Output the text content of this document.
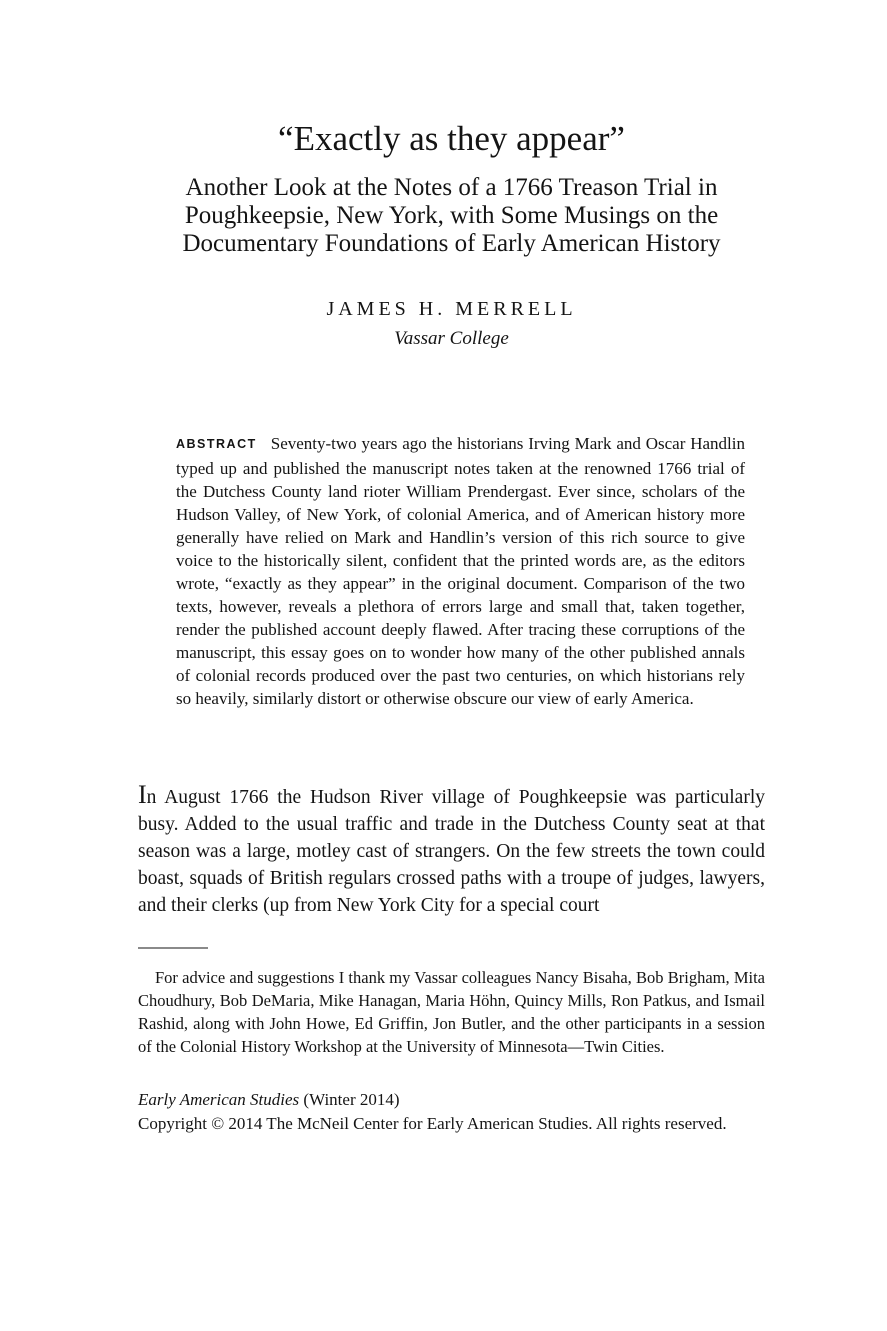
“Exactly as they appear”
Another Look at the Notes of a 1766 Treason Trial in
Poughkeepsie, New York, with Some Musings on the
Documentary Foundations of Early American History
JAMES H. MERRELL
Vassar College

ABSTRACT Seventy-two years ago the historians Irving Mark and Oscar Handlin typed up and published the manuscript notes taken at the renowned 1766 trial of the Dutchess County land rioter William Prendergast. Ever since, scholars of the Hudson Valley, of New York, of colonial America, and of American history more generally have relied on Mark and Handlin’s version of this rich source to give voice to the historically silent, confident that the printed words are, as the editors wrote, “exactly as they appear” in the original document. Comparison of the two texts, however, reveals a plethora of errors large and small that, taken together, render the published account deeply flawed. After tracing these corruptions of the manuscript, this essay goes on to wonder how many of the other published annals of colonial records produced over the past two centuries, on which historians rely so heavily, similarly distort or otherwise obscure our view of early America.

In August 1766 the Hudson River village of Poughkeepsie was particularly busy. Added to the usual traffic and trade in the Dutchess County seat at that season was a large, motley cast of strangers. On the few streets the town could boast, squads of British regulars crossed paths with a troupe of judges, lawyers, and their clerks (up from New York City for a special court

For advice and suggestions I thank my Vassar colleagues Nancy Bisaha, Bob Brigham, Mita Choudhury, Bob DeMaria, Mike Hanagan, Maria Höhn, Quincy Mills, Ron Patkus, and Ismail Rashid, along with John Howe, Ed Griffin, Jon Butler, and the other participants in a session of the Colonial History Workshop at the University of Minnesota—Twin Cities.

Early American Studies (Winter 2014)
Copyright © 2014 The McNeil Center for Early American Studies. All rights reserved.
